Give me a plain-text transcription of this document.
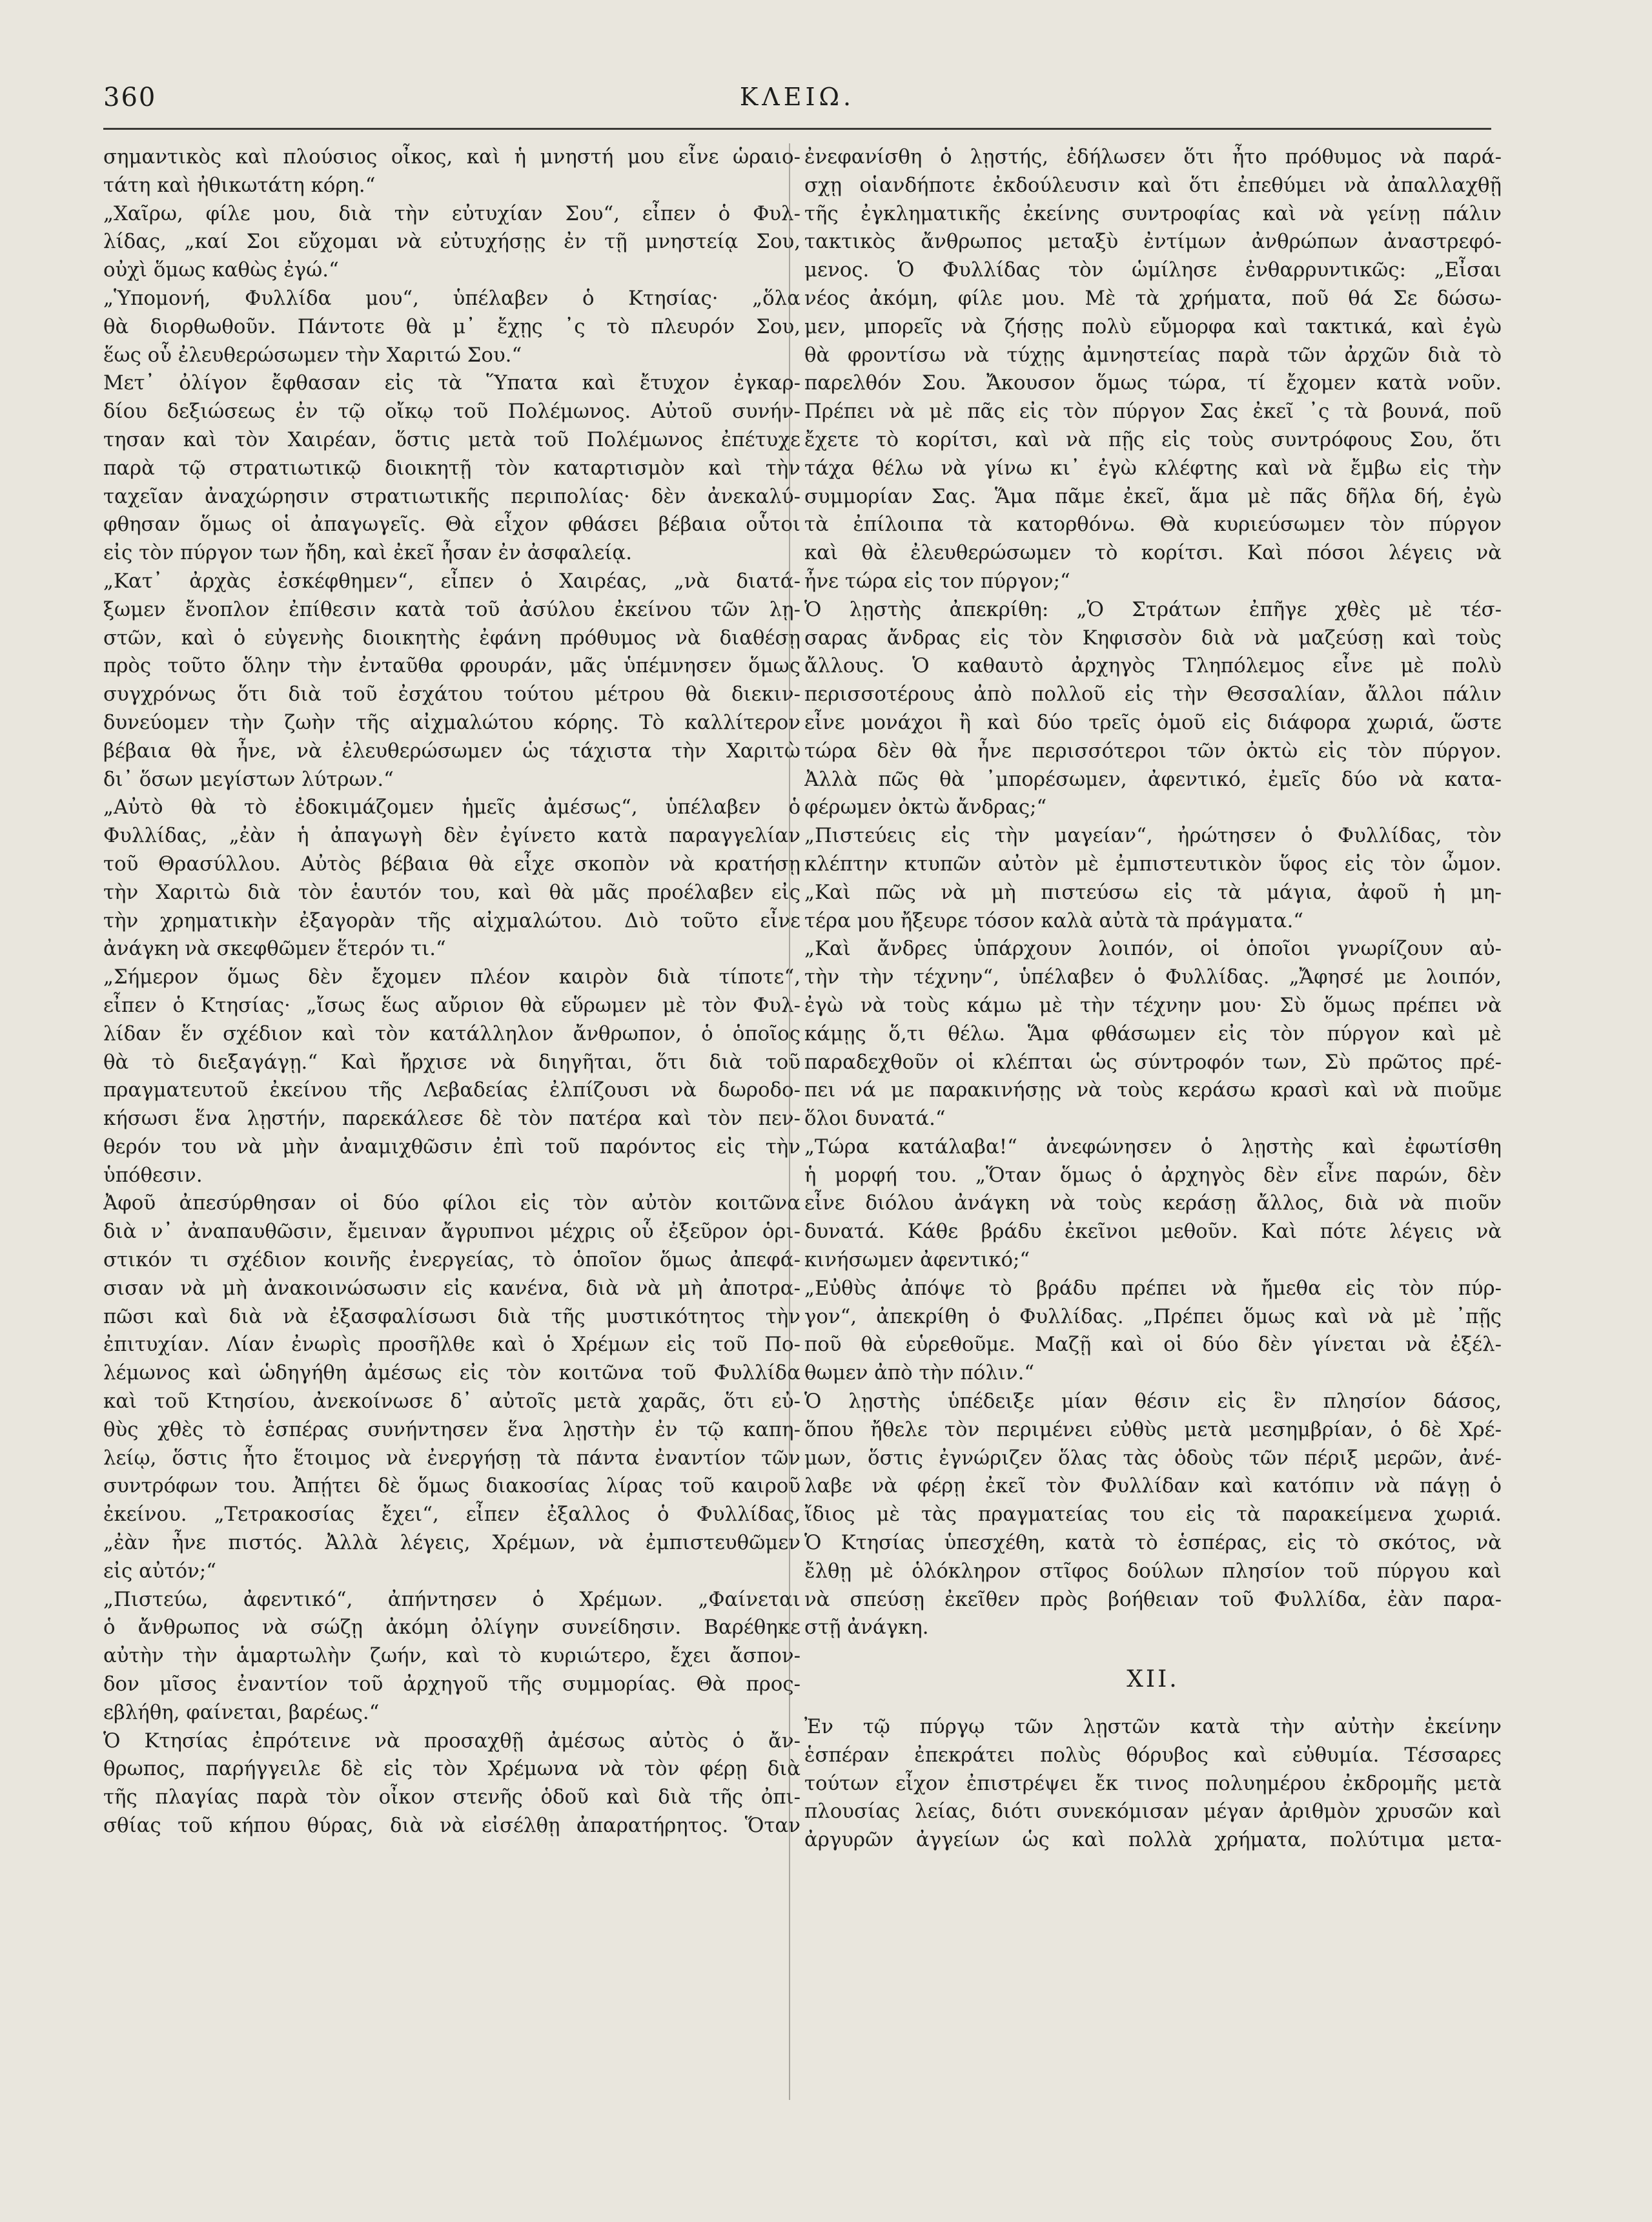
360	ΚΛΕΙΩ.

σημαντικὸς καὶ πλούσιος οἶκος, καὶ ἡ μνηστή μου εἶνε ὡραιο-

τάτη καὶ ἠθικωτάτη κόρη.“

„Χαῖρω, φίλε μου, διὰ τὴν εὐτυχίαν Σου“, εἶπεν ὁ Φυλ-

λίδας, „καί Σοι εὔχομαι νὰ εὐτυχήσῃς ἐν τῇ μνηστείᾳ Σου,

οὐχὶ ὅμως καθὼς ἐγώ.“

„Ὑπομονή, Φυλλίδα μου“, ὑπέλαβεν ὁ Κτησίας· „ὅλα

θὰ διορθωθοῦν. Πάντοτε θὰ μ᾿ ἔχῃς ᾿ς τὸ πλευρόν Σου,

ἕως οὗ ἐλευθερώσωμεν τὴν Χαριτώ Σου.“

Μετ᾿ ὀλίγον ἔφθασαν εἰς τὰ Ὕπατα καὶ ἔτυχον ἐγκαρ-

δίου δεξιώσεως ἐν τῷ οἴκῳ τοῦ Πολέμωνος. Αὐτοῦ συνήν-

τησαν καὶ τὸν Χαιρέαν, ὅστις μετὰ τοῦ Πολέμωνος ἐπέτυχε

παρὰ τῷ στρατιωτικῷ διοικητῇ τὸν καταρτισμὸν καὶ τὴν

ταχεῖαν ἀναχώρησιν στρατιωτικῆς περιπολίας· δὲν ἀνεκαλύ-

φθησαν ὅμως οἱ ἀπαγωγεῖς. Θὰ εἶχον φθάσει βέβαια οὗτοι

εἰς τὸν πύργον των ἤδη, καὶ ἐκεῖ ἦσαν ἐν ἀσφαλείᾳ.

„Κατ᾿ ἀρχὰς ἐσκέφθημεν“, εἶπεν ὁ Χαιρέας, „νὰ διατά-

ξωμεν ἔνοπλον ἐπίθεσιν κατὰ τοῦ ἀσύλου ἐκείνου τῶν λῃ-

στῶν, καὶ ὁ εὐγενὴς διοικητὴς ἐφάνη πρόθυμος νὰ διαθέσῃ

πρὸς τοῦτο ὅλην τὴν ἐνταῦθα φρουράν, μᾶς ὑπέμνησεν ὅμως

συγχρόνως ὅτι διὰ τοῦ ἐσχάτου τούτου μέτρου θὰ διεκιν-

δυνεύομεν τὴν ζωὴν τῆς αἰχμαλώτου κόρης. Τὸ καλλίτερον

βέβαια θὰ ἦνε, νὰ ἐλευθερώσωμεν ὡς τάχιστα τὴν Χαριτὼ

δι᾿ ὅσων μεγίστων λύτρων.“

„Αὐτὸ θὰ τὸ ἐδοκιμάζομεν ἡμεῖς ἀμέσως“, ὑπέλαβεν ὁ

Φυλλίδας, „ἐὰν ἡ ἀπαγωγὴ δὲν ἐγίνετο κατὰ παραγγελίαν

τοῦ Θρασύλλου. Αὐτὸς βέβαια θὰ εἶχε σκοπὸν νὰ κρατήσῃ

τὴν Χαριτὼ διὰ τὸν ἑαυτόν του, καὶ θὰ μᾶς προέλαβεν εἰς

τὴν χρηματικὴν ἐξαγορὰν τῆς αἰχμαλώτου. Διὸ τοῦτο εἶνε

ἀνάγκη νὰ σκεφθῶμεν ἕτερόν τι.“

„Σήμερον ὅμως δὲν ἔχομεν πλέον καιρὸν διὰ τίποτε“,

εἶπεν ὁ Κτησίας· „ἴσως ἕως αὔριον θὰ εὕρωμεν μὲ τὸν Φυλ-

λίδαν ἕν σχέδιον καὶ τὸν κατάλληλον ἄνθρωπον, ὁ ὁποῖος

θὰ τὸ διεξαγάγῃ.“ Καὶ ἤρχισε νὰ διηγῆται, ὅτι διὰ τοῦ

πραγματευτοῦ ἐκείνου τῆς Λεβαδείας ἐλπίζουσι νὰ δωροδο-

κήσωσι ἕνα λῃστήν, παρεκάλεσε δὲ τὸν πατέρα καὶ τὸν πεν-

θερόν του νὰ μὴν ἀναμιχθῶσιν ἐπὶ τοῦ παρόντος εἰς τὴν

ὑπόθεσιν.

Ἀφοῦ ἀπεσύρθησαν οἱ δύο φίλοι εἰς τὸν αὐτὸν κοιτῶνα

διὰ ν᾿ ἀναπαυθῶσιν, ἔμειναν ἄγρυπνοι μέχρις οὗ ἐξεῦρον ὁρι-

στικόν τι σχέδιον κοινῆς ἐνεργείας, τὸ ὁποῖον ὅμως ἀπεφά-

σισαν νὰ μὴ ἀνακοινώσωσιν εἰς κανένα, διὰ νὰ μὴ ἀποτρα-

πῶσι καὶ διὰ νὰ ἐξασφαλίσωσι διὰ τῆς μυστικότητος τὴν

ἐπιτυχίαν. Λίαν ἐνωρὶς προσῆλθε καὶ ὁ Χρέμων εἰς τοῦ Πο-

λέμωνος καὶ ὡδηγήθη ἀμέσως εἰς τὸν κοιτῶνα τοῦ Φυλλίδα

καὶ τοῦ Κτησίου, ἀνεκοίνωσε δ᾿ αὐτοῖς μετὰ χαρᾶς, ὅτι εὐ-

θὺς χθὲς τὸ ἑσπέρας συνήντησεν ἕνα λῃστὴν ἐν τῷ καπη-

λείῳ, ὅστις ἦτο ἕτοιμος νὰ ἐνεργήσῃ τὰ πάντα ἐναντίον τῶν

συντρόφων του. Ἀπῄτει δὲ ὅμως διακοσίας λίρας τοῦ καιροῦ

ἐκείνου. „Τετρακοσίας ἔχει“, εἶπεν ἐξαλλος ὁ Φυλλίδας,

„ἐὰν ἦνε πιστός. Ἀλλὰ λέγεις, Χρέμων, νὰ ἐμπιστευθῶμεν

εἰς αὐτόν;“

„Πιστεύω, ἀφεντικό“, ἀπήντησεν ὁ Χρέμων. „Φαίνεται

ὁ ἄνθρωπος νὰ σώζῃ ἀκόμη ὀλίγην συνείδησιν. Βαρέθηκε

αὐτὴν τὴν ἁμαρτωλὴν ζωήν, καὶ τὸ κυριώτερο, ἔχει ἄσπον-

δον μῖσος ἐναντίον τοῦ ἀρχηγοῦ τῆς συμμορίας. Θὰ προς-

εβλήθη, φαίνεται, βαρέως.“

Ὁ Κτησίας ἐπρότεινε νὰ προσαχθῇ ἀμέσως αὐτὸς ὁ ἄν-

θρωπος, παρήγγειλε δὲ εἰς τὸν Χρέμωνα νὰ τὸν φέρῃ διὰ

τῆς πλαγίας παρὰ τὸν οἶκον στενῆς ὁδοῦ καὶ διὰ τῆς ὀπι-

σθίας τοῦ κήπου θύρας, διὰ νὰ εἰσέλθῃ ἀπαρατήρητος. Ὅταν

ἐνεφανίσθη ὁ λῃστής, ἐδήλωσεν ὅτι ἦτο πρόθυμος νὰ παρά-

σχῃ οἱανδήποτε ἐκδούλευσιν καὶ ὅτι ἐπεθύμει νὰ ἀπαλλαχθῇ

τῆς ἐγκληματικῆς ἐκείνης συντροφίας καὶ νὰ γείνῃ πάλιν

τακτικὸς ἄνθρωπος μεταξὺ ἐντίμων ἀνθρώπων ἀναστρεφό-

μενος. Ὁ Φυλλίδας τὸν ὡμίλησε ἐνθαρρυντικῶς: „Εἶσαι

νέος ἀκόμη, φίλε μου. Μὲ τὰ χρήματα, ποῦ θά Σε δώσω-

μεν, μπορεῖς νὰ ζήσῃς πολὺ εὔμορφα καὶ τακτικά, καὶ ἐγὼ

θὰ φροντίσω νὰ τύχῃς ἀμνηστείας παρὰ τῶν ἀρχῶν διὰ τὸ

παρελθόν Σου. Ἄκουσον ὅμως τώρα, τί ἔχομεν κατὰ νοῦν.

Πρέπει νὰ μὲ πᾶς εἰς τὸν πύργον Σας ἐκεῖ ᾿ς τὰ βουνά, ποῦ

ἔχετε τὸ κορίτσι, καὶ νὰ πῇς εἰς τοὺς συντρόφους Σου, ὅτι

τάχα θέλω νὰ γίνω κι᾿ ἐγὼ κλέφτης καὶ νὰ ἔμβω εἰς τὴν

συμμορίαν Σας. Ἅμα πᾶμε ἐκεῖ, ἅμα μὲ πᾶς δῆλα δή, ἐγὼ

τὰ ἐπίλοιπα τὰ κατορθόνω. Θὰ κυριεύσωμεν τὸν πύργον

καὶ θὰ ἐλευθερώσωμεν τὸ κορίτσι. Καὶ πόσοι λέγεις νὰ

ἦνε τώρα εἰς τον πύργον;“

Ὁ λῃστὴς ἀπεκρίθη: „Ὁ Στράτων ἐπῆγε χθὲς μὲ τέσ-

σαρας ἄνδρας εἰς τὸν Κηφισσὸν διὰ νὰ μαζεύσῃ καὶ τοὺς

ἄλλους. Ὁ καθαυτὸ ἀρχηγὸς Τληπόλεμος εἶνε μὲ πολὺ

περισσοτέρους ἀπὸ πολλοῦ εἰς τὴν Θεσσαλίαν, ἄλλοι πάλιν

εἶνε μονάχοι ἢ καὶ δύο τρεῖς ὁμοῦ εἰς διάφορα χωριά, ὥστε

τώρα δὲν θὰ ἦνε περισσότεροι τῶν ὀκτὼ εἰς τὸν πύργον.

Ἀλλὰ πῶς θὰ ᾿μπορέσωμεν, ἀφεντικό, ἐμεῖς δύο νὰ κατα-

φέρωμεν ὀκτὼ ἄνδρας;“

„Πιστεύεις εἰς τὴν μαγείαν“, ἠρώτησεν ὁ Φυλλίδας, τὸν

κλέπτην κτυπῶν αὐτὸν μὲ ἐμπιστευτικὸν ὕφος εἰς τὸν ὦμον.

„Καὶ πῶς νὰ μὴ πιστεύσω εἰς τὰ μάγια, ἀφοῦ ἡ μη-

τέρα μου ἤξευρε τόσον καλὰ αὐτὰ τὰ πράγματα.“

„Καὶ ἄνδρες ὑπάρχουν λοιπόν, οἱ ὁποῖοι γνωρίζουν αὐ-

τὴν τὴν τέχνην“, ὑπέλαβεν ὁ Φυλλίδας. „Ἄφησέ με λοιπόν,

ἐγὼ νὰ τοὺς κάμω μὲ τὴν τέχνην μου· Σὺ ὅμως πρέπει νὰ

κάμῃς ὅ,τι θέλω. Ἅμα φθάσωμεν εἰς τὸν πύργον καὶ μὲ

παραδεχθοῦν οἱ κλέπται ὡς σύντροφόν των, Σὺ πρῶτος πρέ-

πει νά με παρακινήσῃς νὰ τοὺς κεράσω κρασὶ καὶ νὰ πιοῦμε

ὅλοι δυνατά.“

„Τώρα κατάλαβα!“ ἀνεφώνησεν ὁ λῃστὴς καὶ ἐφωτίσθη

ἡ μορφή του. „Ὅταν ὅμως ὁ ἀρχηγὸς δὲν εἶνε παρών, δὲν

εἶνε διόλου ἀνάγκη νὰ τοὺς κεράσῃ ἄλλος, διὰ νὰ πιοῦν

δυνατά. Κάθε βράδυ ἐκεῖνοι μεθοῦν. Καὶ πότε λέγεις νὰ

κινήσωμεν ἀφεντικό;“

„Εὐθὺς ἀπόψε τὸ βράδυ πρέπει νὰ ἤμεθα εἰς τὸν πύρ-

γον“, ἀπεκρίθη ὁ Φυλλίδας. „Πρέπει ὅμως καὶ νὰ μὲ ᾿πῇς

ποῦ θὰ εὑρεθοῦμε. Μαζῇ καὶ οἱ δύο δὲν γίνεται νὰ ἐξέλ-

θωμεν ἀπὸ τὴν πόλιν.“

Ὁ λῃστὴς ὑπέδειξε μίαν θέσιν εἰς ἓν πλησίον δάσος,

ὅπου ἤθελε τὸν περιμένει εὐθὺς μετὰ μεσημβρίαν, ὁ δὲ Χρέ-

μων, ὅστις ἐγνώριζεν ὅλας τὰς ὁδοὺς τῶν πέριξ μερῶν, ἀνέ-

λαβε νὰ φέρῃ ἐκεῖ τὸν Φυλλίδαν καὶ κατόπιν νὰ πάγῃ ὁ

ἴδιος μὲ τὰς πραγματείας του εἰς τὰ παρακείμενα χωριά.

Ὁ Κτησίας ὑπεσχέθη, κατὰ τὸ ἑσπέρας, εἰς τὸ σκότος, νὰ

ἔλθῃ μὲ ὁλόκληρον στῖφος δούλων πλησίον τοῦ πύργου καὶ

νὰ σπεύσῃ ἐκεῖθεν πρὸς βοήθειαν τοῦ Φυλλίδα, ἐὰν παρα-

στῇ ἀνάγκη.

XII.

Ἐν τῷ πύργῳ τῶν λῃστῶν κατὰ τὴν αὐτὴν ἐκείνην

ἑσπέραν ἐπεκράτει πολὺς θόρυβος καὶ εὐθυμία. Τέσσαρες

τούτων εἶχον ἐπιστρέψει ἔκ τινος πολυημέρου ἐκδρομῆς μετὰ

πλουσίας λείας, διότι συνεκόμισαν μέγαν ἀριθμὸν χρυσῶν καὶ

ἀργυρῶν ἀγγείων ὡς καὶ πολλὰ χρήματα, πολύτιμα μετα-
